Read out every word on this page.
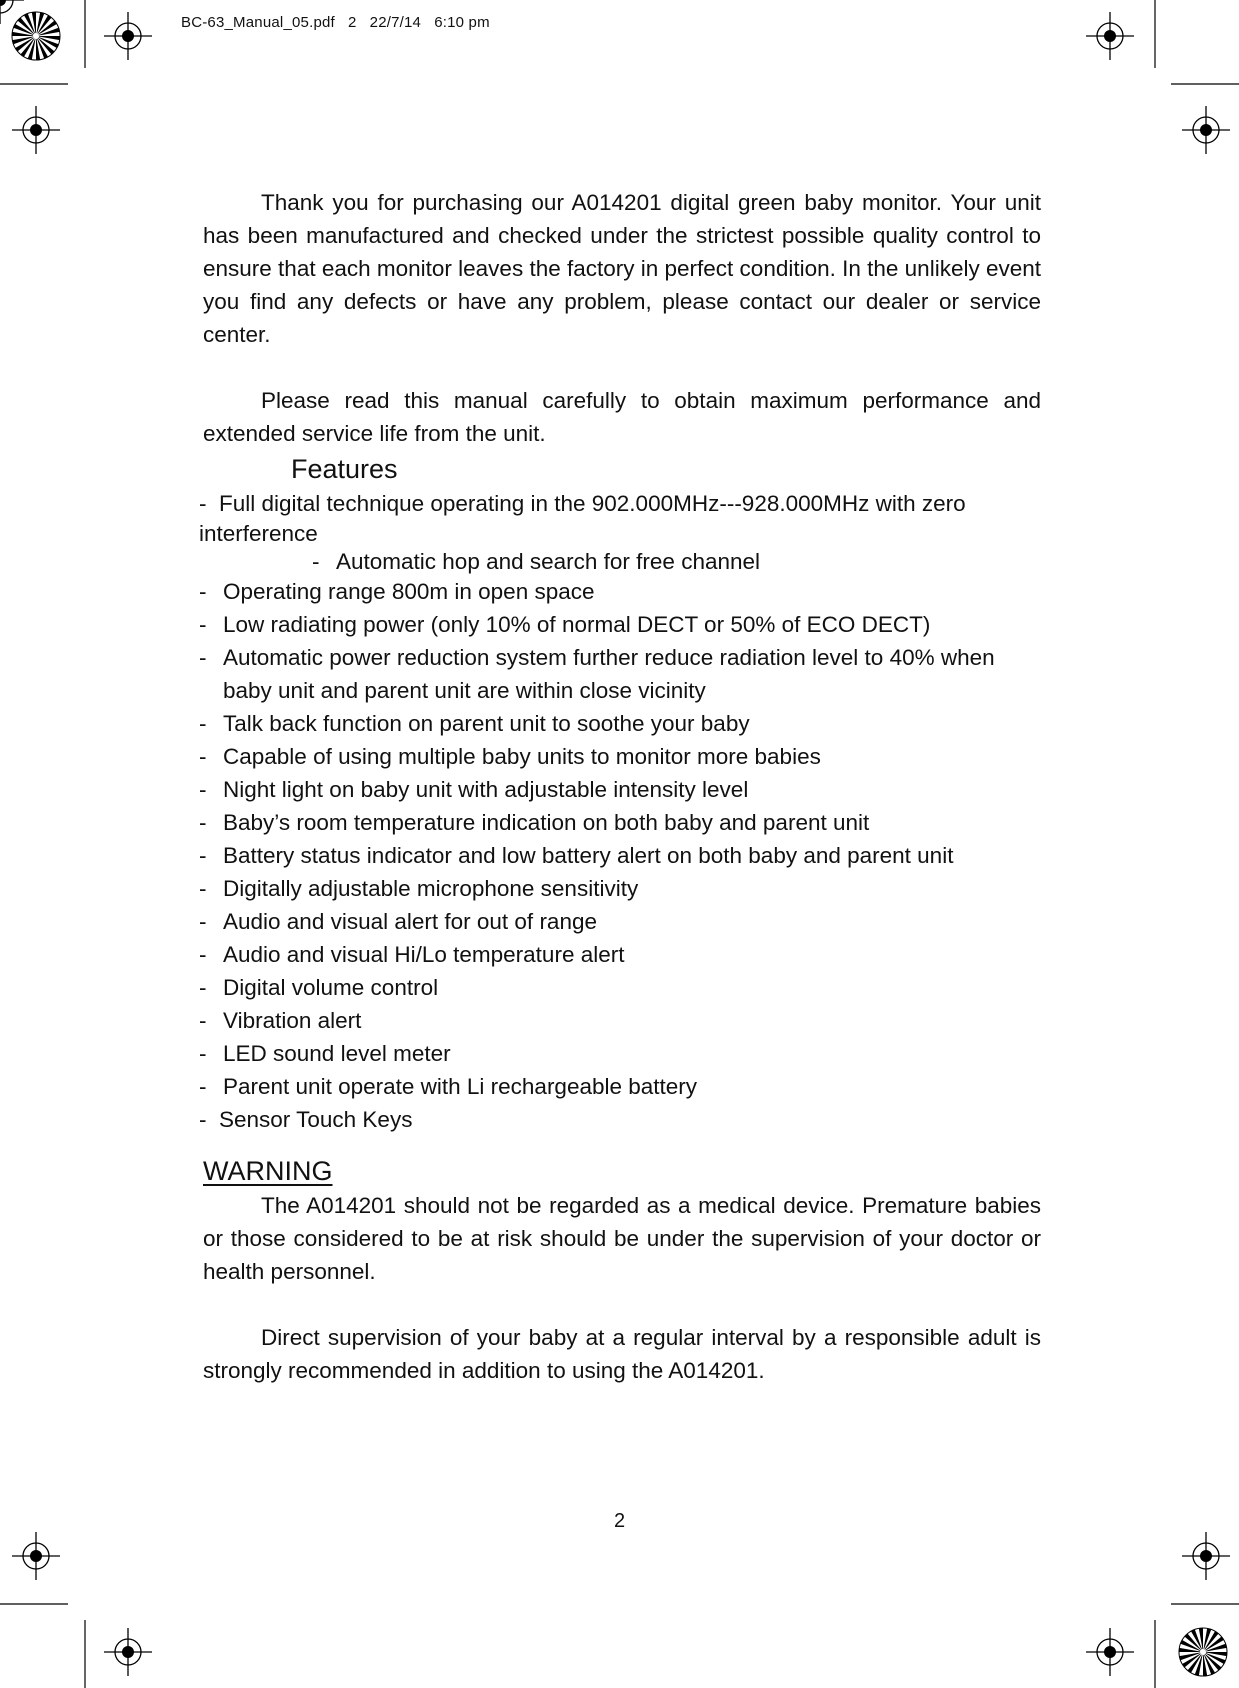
BC-63_Manual_05.pdf   2   22/7/14   6:10 pm

Thank you for purchasing our A014201 digital green baby monitor. Your unit has been manufactured and checked under the strictest possible quality control to ensure that each monitor leaves the factory in perfect condition. In the unlikely event you find any defects or have any problem, please contact our dealer or service center.

Please read this manual carefully to obtain maximum performance and extended service life from the unit.

Features

- Full digital technique operating in the 902.000MHz---928.000MHz with zero interference

- Automatic hop and search for free channel

- Operating range 800m in open space

- Low radiating power (only 10% of normal DECT or 50% of ECO DECT)

- Automatic power reduction system further reduce radiation level to 40% when baby unit and parent unit are within close vicinity

- Talk back function on parent unit to soothe your baby

- Capable of using multiple baby units to monitor more babies

- Night light on baby unit with adjustable intensity level

- Baby’s room temperature indication on both baby and parent unit

- Battery status indicator and low battery alert on both baby and parent unit

- Digitally adjustable microphone sensitivity

- Audio and visual alert for out of range

- Audio and visual Hi/Lo temperature alert

- Digital volume control

- Vibration alert

- LED sound level meter

- Parent unit operate with Li rechargeable battery

- Sensor Touch Keys

WARNING

The A014201 should not be regarded as a medical device. Premature babies or those considered to be at risk should be under the supervision of your doctor or health personnel.

Direct supervision of your baby at a regular interval by a responsible adult is strongly recommended in addition to using the A014201.

2
